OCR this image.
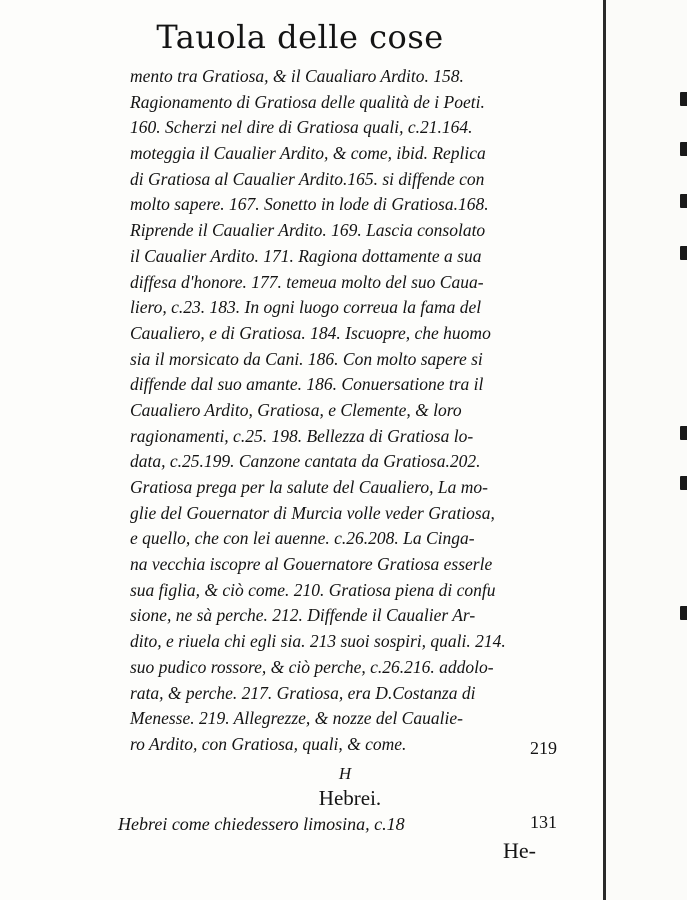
Tauola delle cose
mento tra Gratiosa, & il Caualiaro Ardito. 158.
Ragionamento di Gratiosa delle qualità de i Poeti.
160. Scherzi nel dire di Gratiosa quali, c.21.164.
moteggia il Caualier Ardito, & come, ibid. Replica
di Gratiosa al Caualier Ardito.165. si diffende con
molto sapere. 167. Sonetto in lode di Gratiosa.168.
Riprende il Caualier Ardito. 169. Lascia consolato
il Caualier Ardito. 171. Ragiona dottamente a sua
diffesa d'honore. 177. temeua molto del suo Caua-
liero, c.23. 183. In ogni luogo correua la fama del
Caualiero, e di Gratiosa. 184. Iscuopre, che huomo
sia il morsicato da Cani. 186. Con molto sapere si
diffende dal suo amante. 186. Conuersatione tra il
Caualiero Ardito, Gratiosa, e Clemente, & loro
ragionamenti, c.25. 198. Bellezza di Gratiosa lo-
data, c.25.199. Canzone cantata da Gratiosa.202.
Gratiosa prega per la salute del Caualiero, La mo-
glie del Gouernator di Murcia volle veder Gratiosa,
e quello, che con lei auenne. c.26.208. La Cinga-
na vecchia iscopre al Gouernatore Gratiosa esserle
sua figlia, & ciò come. 210. Gratiosa piena di confu
sione, ne sà perche. 212. Diffende il Caualier Ar-
dito, e riuela chi egli sia. 213 suoi sospiri, quali. 214.
suo pudico rossore, & ciò perche, c.26.216. addolo-
rata, & perche. 217. Gratiosa, era D.Costanza di
Menesse. 219. Allegrezze, & nozze del Caualie-
ro Ardito, con Gratiosa, quali, & come.	219
H
Hebrei.
Hebrei come chiedessero limosina, c.18	131
He-
